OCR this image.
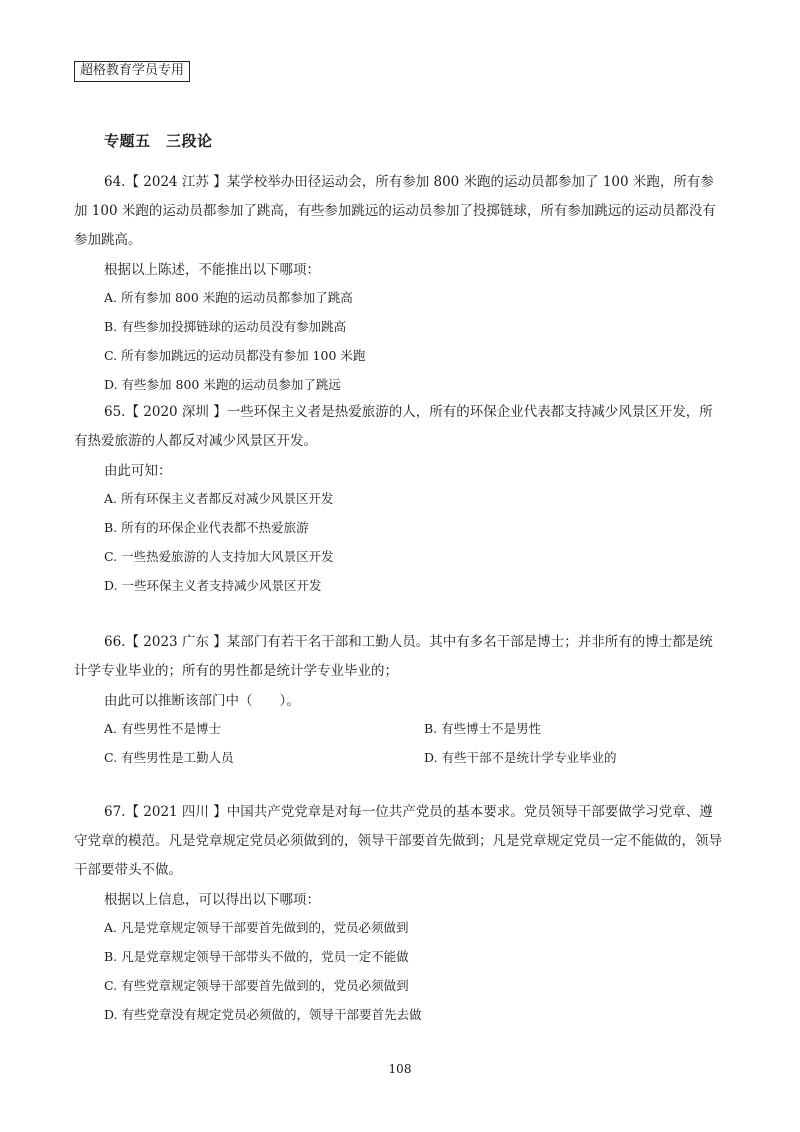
超格教育学员专用
专题五　三段论

64.【 2024 江苏 】某学校举办田径运动会，所有参加 800 米跑的运动员都参加了 100 米跑，所有参加 100 米跑的运动员都参加了跳高，有些参加跳远的运动员参加了投掷链球，所有参加跳远的运动员都没有参加跳高。

根据以上陈述，不能推出以下哪项：

A. 所有参加 800 米跑的运动员都参加了跳高

B. 有些参加投掷链球的运动员没有参加跳高

C. 所有参加跳远的运动员都没有参加 100 米跑

D. 有些参加 800 米跑的运动员参加了跳远

65.【 2020 深圳 】一些环保主义者是热爱旅游的人，所有的环保企业代表都支持减少风景区开发，所有热爱旅游的人都反对减少风景区开发。

由此可知：

A. 所有环保主义者都反对减少风景区开发

B. 所有的环保企业代表都不热爱旅游

C. 一些热爱旅游的人支持加大风景区开发

D. 一些环保主义者支持减少风景区开发

66.【 2023 广东 】某部门有若干名干部和工勤人员。其中有多名干部是博士；并非所有的博士都是统计学专业毕业的；所有的男性都是统计学专业毕业的；

由此可以推断该部门中（　　）。

A. 有些男性不是博士	B. 有些博士不是男性

C. 有些男性是工勤人员	D. 有些干部不是统计学专业毕业的

67.【 2021 四川 】中国共产党党章是对每一位共产党员的基本要求。党员领导干部要做学习党章、遵守党章的模范。凡是党章规定党员必须做到的，领导干部要首先做到；凡是党章规定党员一定不能做的，领导干部要带头不做。

根据以上信息，可以得出以下哪项：

A. 凡是党章规定领导干部要首先做到的，党员必须做到

B. 凡是党章规定领导干部带头不做的，党员一定不能做

C. 有些党章规定领导干部要首先做到的，党员必须做到

D. 有些党章没有规定党员必须做的，领导干部要首先去做

108
